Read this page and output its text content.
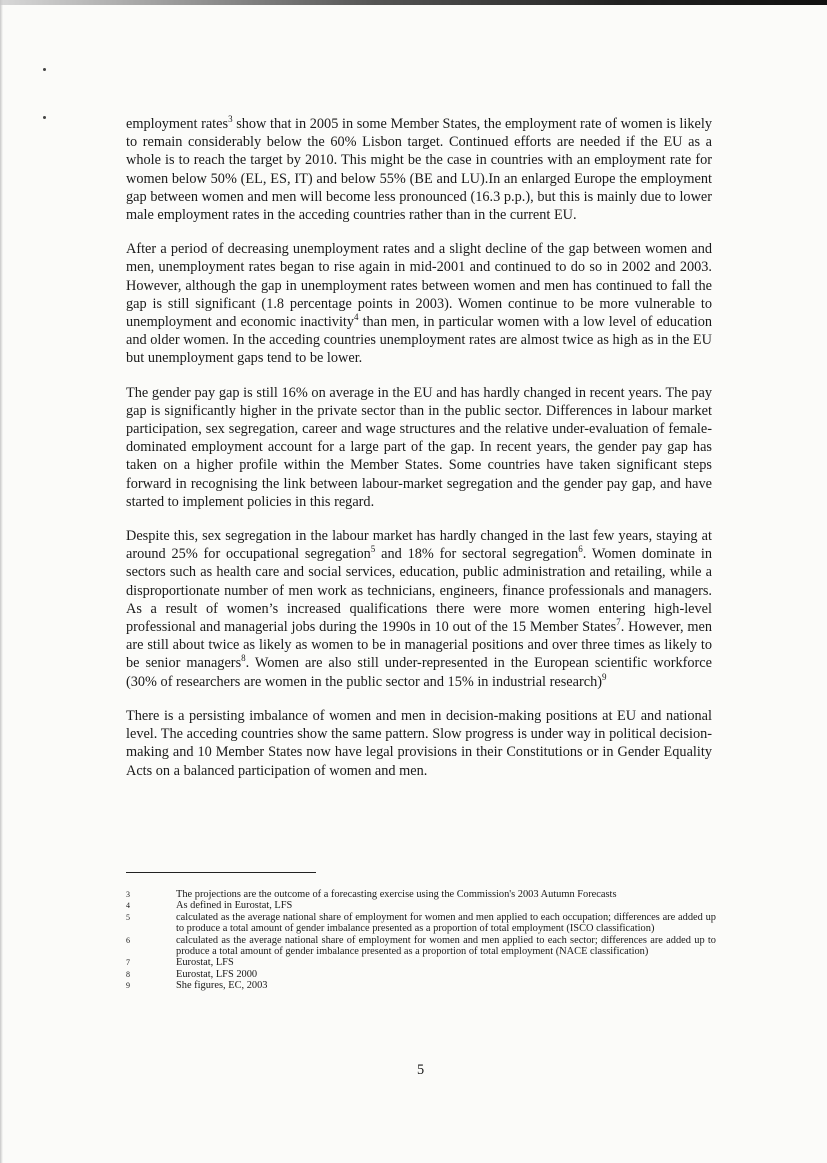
employment rates$^3$ show that in 2005 in some Member States, the employment rate of women is likely to remain considerably below the 60% Lisbon target. Continued efforts are needed if the EU as a whole is to reach the target by 2010. This might be the case in countries with an employment rate for women below 50% (EL, ES, IT) and below 55% (BE and LU).In an enlarged Europe the employment gap between women and men will become less pronounced (16.3 p.p.), but this is mainly due to lower male employment rates in the acceding countries rather than in the current EU.

After a period of decreasing unemployment rates and a slight decline of the gap between women and men, unemployment rates began to rise again in mid-2001 and continued to do so in 2002 and 2003. However, although the gap in unemployment rates between women and men has continued to fall the gap is still significant (1.8 percentage points in 2003). Women continue to be more vulnerable to unemployment and economic inactivity$^4$ than men, in particular women with a low level of education and older women. In the acceding countries unemployment rates are almost twice as high as in the EU but unemployment gaps tend to be lower.

The gender pay gap is still 16% on average in the EU and has hardly changed in recent years. The pay gap is significantly higher in the private sector than in the public sector. Differences in labour market participation, sex segregation, career and wage structures and the relative under-evaluation of female-dominated employment account for a large part of the gap. In recent years, the gender pay gap has taken on a higher profile within the Member States. Some countries have taken significant steps forward in recognising the link between labour-market segregation and the gender pay gap, and have started to implement policies in this regard.

Despite this, sex segregation in the labour market has hardly changed in the last few years, staying at around 25% for occupational segregation$^5$ and 18% for sectoral segregation$^6$. Women dominate in sectors such as health care and social services, education, public administration and retailing, while a disproportionate number of men work as technicians, engineers, finance professionals and managers. As a result of women’s increased qualifications there were more women entering high-level professional and managerial jobs during the 1990s in 10 out of the 15 Member States$^7$. However, men are still about twice as likely as women to be in managerial positions and over three times as likely to be senior managers$^8$. Women are also still under-represented in the European scientific workforce (30% of researchers are women in the public sector and 15% in industrial research)$^9$

There is a persisting imbalance of women and men in decision-making positions at EU and national level. The acceding countries show the same pattern. Slow progress is under way in political decision-making and 10 Member States now have legal provisions in their Constitutions or in Gender Equality Acts on a balanced participation of women and men.

3	The projections are the outcome of a forecasting exercise using the Commission's 2003 Autumn Forecasts
4	As defined in Eurostat, LFS
5	calculated as the average national share of employment for women and men applied to each occupation; differences are added up to produce a total amount of gender imbalance presented as a proportion of total employment (ISCO classification)
6	calculated as the average national share of employment for women and men applied to each sector; differences are added up to produce a total amount of gender imbalance presented as a proportion of total employment (NACE classification)
7	Eurostat, LFS
8	Eurostat, LFS 2000
9	She figures, EC, 2003
5
